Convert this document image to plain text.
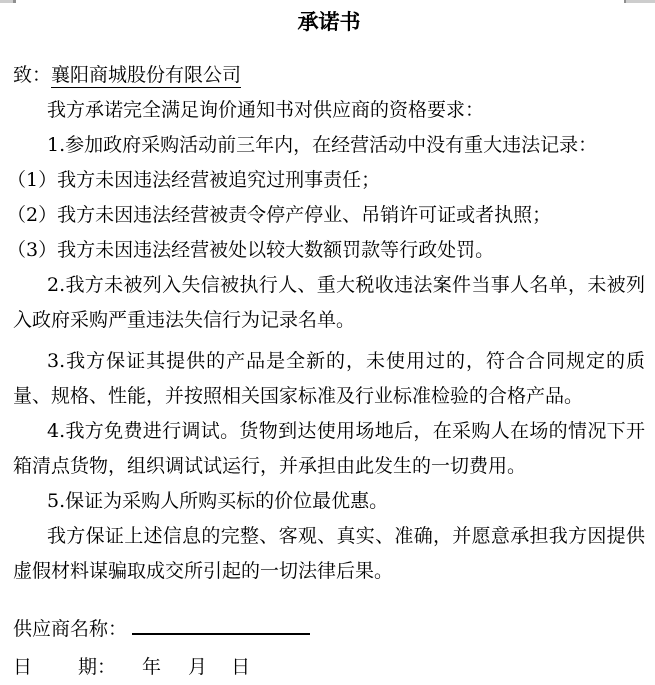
承诺书

致：襄阳商城股份有限公司

我方承诺完全满足询价通知书对供应商的资格要求：

1.参加政府采购活动前三年内，在经营活动中没有重大违法记录：

（1）我方未因违法经营被追究过刑事责任；

（2）我方未因违法经营被责令停产停业、吊销许可证或者执照；

（3）我方未因违法经营被处以较大数额罚款等行政处罚。

2.我方未被列入失信被执行人、重大税收违法案件当事人名单，未被列入政府采购严重违法失信行为记录名单。

3.我方保证其提供的产品是全新的，未使用过的，符合合同规定的质量、规格、性能，并按照相关国家标准及行业标准检验的合格产品。

4.我方免费进行调试。货物到达使用场地后，在采购人在场的情况下开箱清点货物，组织调试试运行，并承担由此发生的一切费用。

5.保证为采购人所购买标的价位最优惠。

我方保证上述信息的完整、客观、真实、准确，并愿意承担我方因提供虚假材料谋骗取成交所引起的一切法律后果。

供应商名称：

日 期： 年 月 日
